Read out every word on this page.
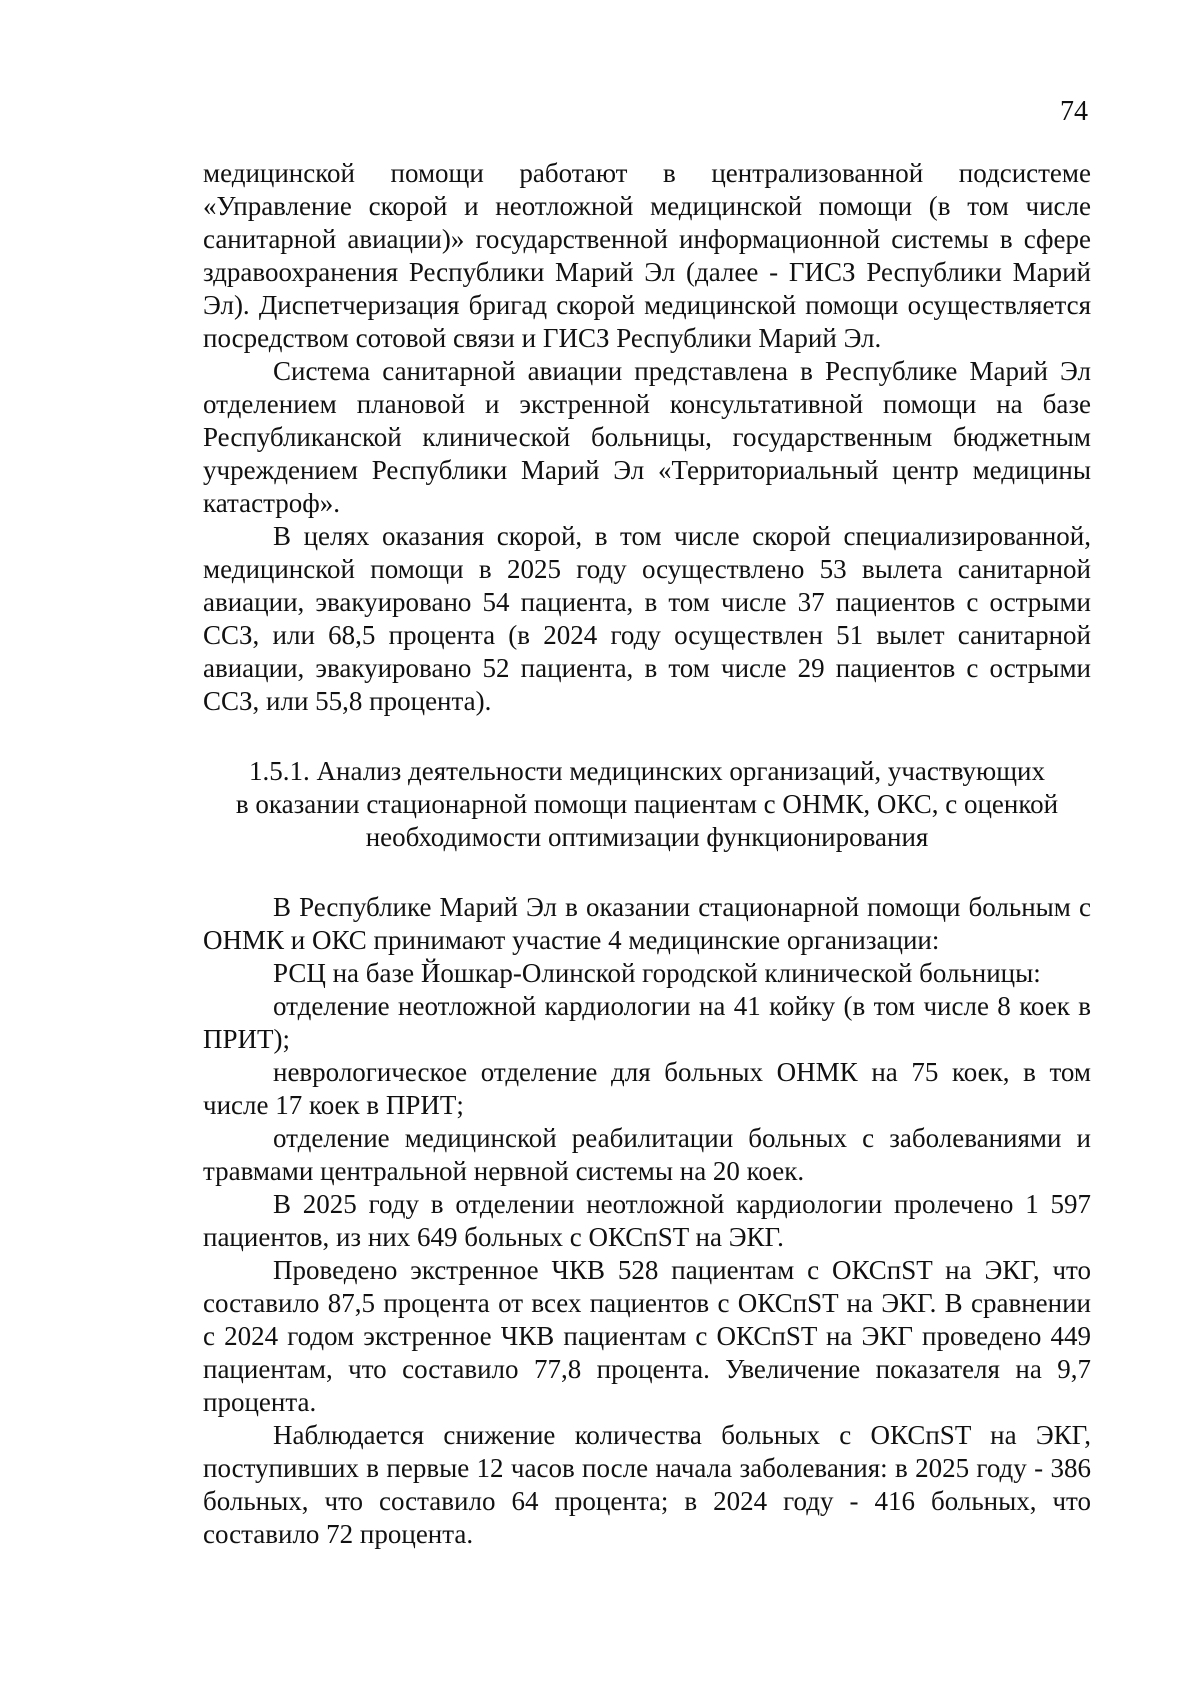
74

медицинской помощи работают в централизованной подсистеме «Управление скорой и неотложной медицинской помощи (в том числе санитарной авиации)» государственной информационной системы в сфере здравоохранения Республики Марий Эл (далее - ГИСЗ Республики Марий Эл). Диспетчеризация бригад скорой медицинской помощи осуществляется посредством сотовой связи и ГИСЗ Республики Марий Эл.

Система санитарной авиации представлена в Республике Марий Эл отделением плановой и экстренной консультативной помощи на базе Республиканской клинической больницы, государственным бюджетным учреждением Республики Марий Эл «Территориальный центр медицины катастроф».

В целях оказания скорой, в том числе скорой специализированной, медицинской помощи в 2025 году осуществлено 53 вылета санитарной авиации, эвакуировано 54 пациента, в том числе 37 пациентов с острыми ССЗ, или 68,5 процента (в 2024 году осуществлен 51 вылет санитарной авиации, эвакуировано 52 пациента, в том числе 29 пациентов с острыми ССЗ, или 55,8 процента).

1.5.1. Анализ деятельности медицинских организаций, участвующих
в оказании стационарной помощи пациентам с ОНМК, ОКС, с оценкой
необходимости оптимизации функционирования

В Республике Марий Эл в оказании стационарной помощи больным с ОНМК и ОКС принимают участие 4 медицинские организации:

РСЦ на базе Йошкар-Олинской городской клинической больницы:

отделение неотложной кардиологии на 41 койку (в том числе 8 коек в ПРИТ);

неврологическое отделение для больных ОНМК на 75 коек, в том числе 17 коек в ПРИТ;

отделение медицинской реабилитации больных с заболеваниями и травмами центральной нервной системы на 20 коек.

В 2025 году в отделении неотложной кардиологии пролечено 1 597 пациентов, из них 649 больных с ОКСпST на ЭКГ.

Проведено экстренное ЧКВ 528 пациентам с ОКСпST на ЭКГ, что составило 87,5 процента от всех пациентов с ОКСпST на ЭКГ. В сравнении с 2024 годом экстренное ЧКВ пациентам с ОКСпST на ЭКГ проведено 449 пациентам, что составило 77,8 процента. Увеличение показателя на 9,7 процента.

Наблюдается снижение количества больных с ОКСпST на ЭКГ, поступивших в первые 12 часов после начала заболевания: в 2025 году - 386 больных, что составило 64 процента; в 2024 году - 416 больных, что составило 72 процента.
